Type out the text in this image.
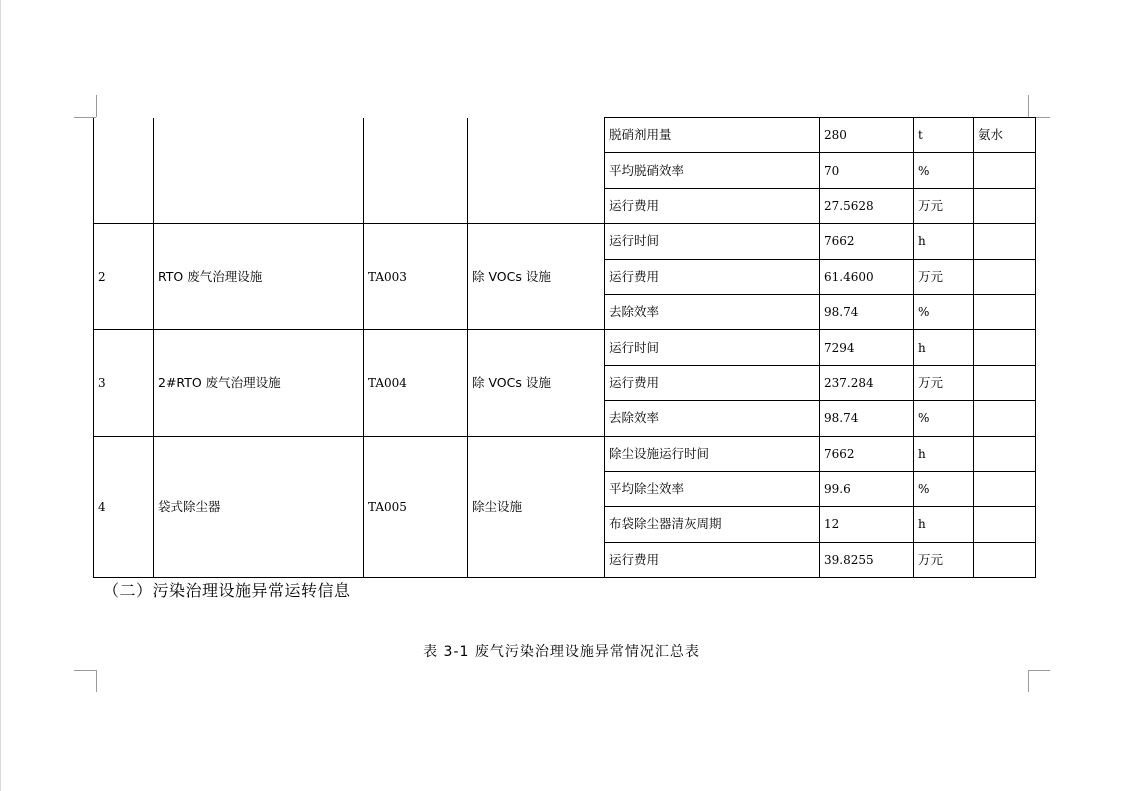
				脱硝剂用量	280	t	氨水
				平均脱硝效率	70	%	
				运行费用	27.5628	万元	
2	RTO 废气治理设施	TA003	除 VOCs 设施	运行时间	7662	h	
				运行费用	61.4600	万元	
				去除效率	98.74	%	
3	2#RTO 废气治理设施	TA004	除 VOCs 设施	运行时间	7294	h	
				运行费用	237.284	万元	
				去除效率	98.74	%	
4	袋式除尘器	TA005	除尘设施	除尘设施运行时间	7662	h	
				平均除尘效率	99.6	%	
				布袋除尘器清灰周期	12	h	
				运行费用	39.8255	万元	
（二）污染治理设施异常运转信息
表 3-1 废气污染治理设施异常情况汇总表
